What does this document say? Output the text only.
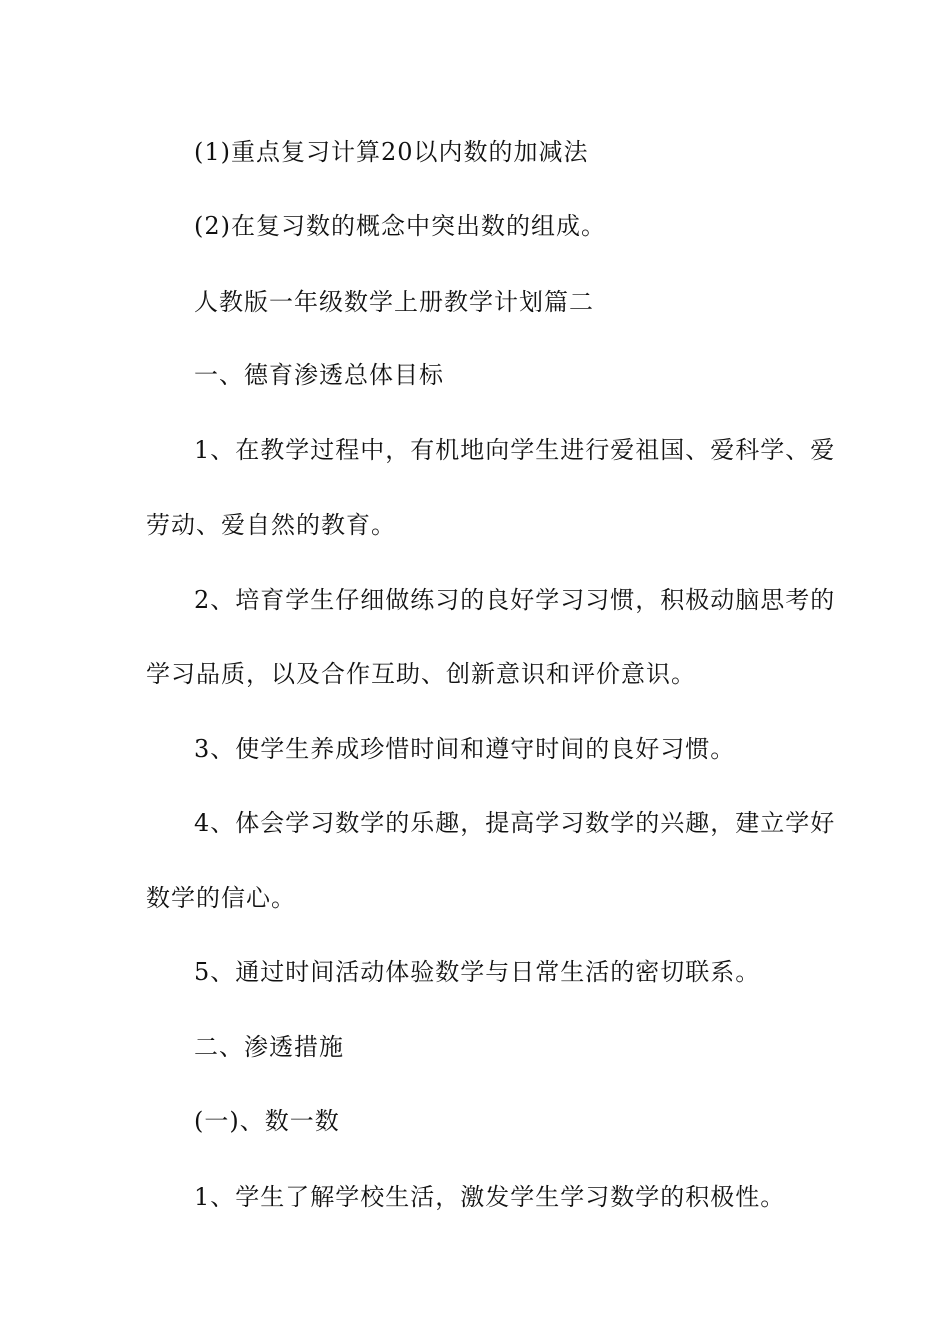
(1)重点复习计算20以内数的加减法
(2)在复习数的概念中突出数的组成。
人教版一年级数学上册教学计划篇二
一、德育渗透总体目标
1、在教学过程中，有机地向学生进行爱祖国、爱科学、爱
劳动、爱自然的教育。
2、培育学生仔细做练习的良好学习习惯，积极动脑思考的
学习品质，以及合作互助、创新意识和评价意识。
3、使学生养成珍惜时间和遵守时间的良好习惯。
4、体会学习数学的乐趣，提高学习数学的兴趣，建立学好
数学的信心。
5、通过时间活动体验数学与日常生活的密切联系。
二、渗透措施
(一)、数一数
1、学生了解学校生活，激发学生学习数学的积极性。
